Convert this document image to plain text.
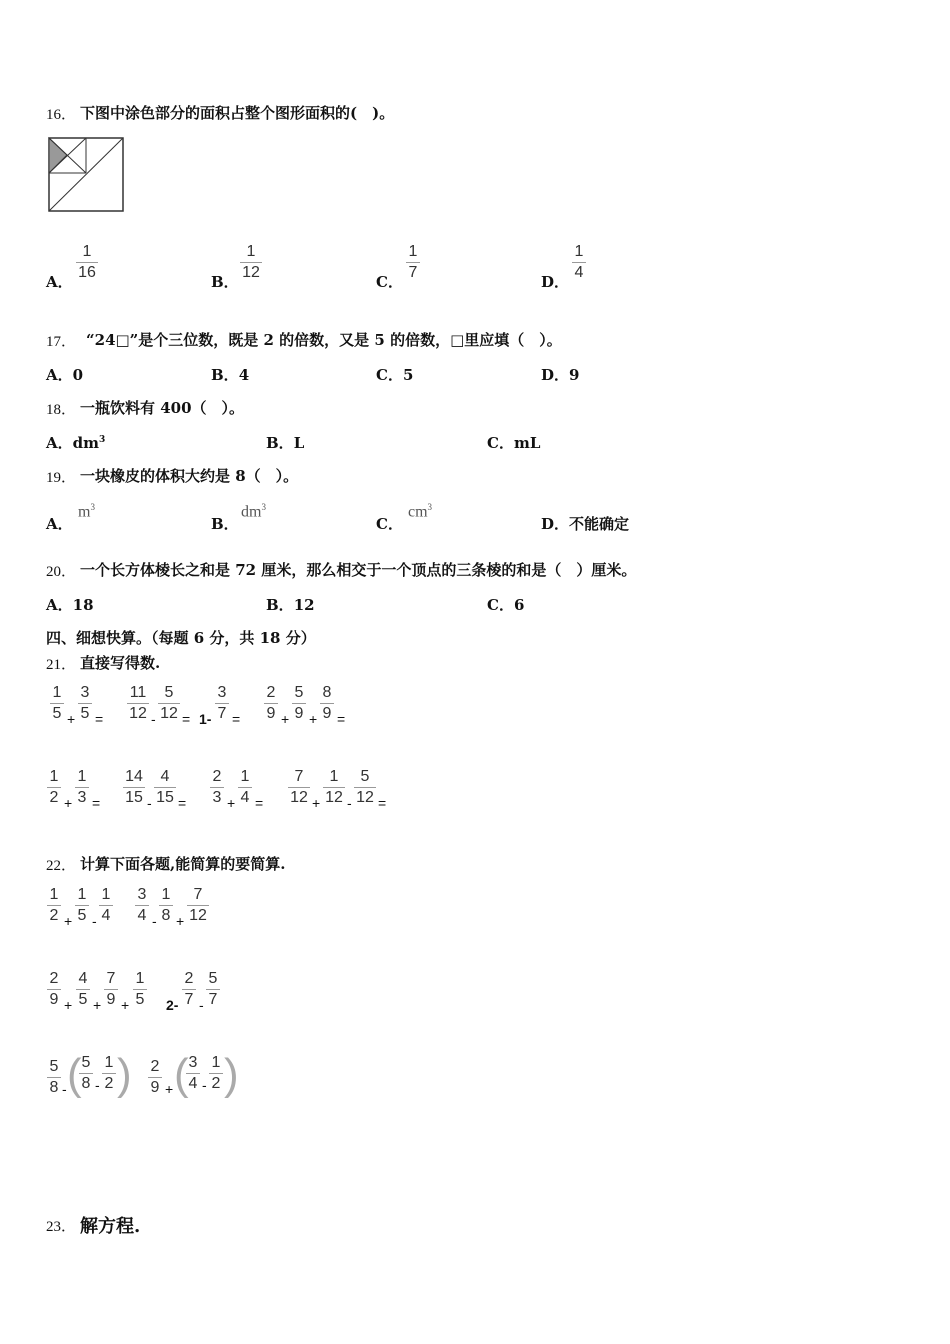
16． 下图中涂色部分的面积占整个图形面积的(　)。
A．
1
16
B．
1
12
C．
1
7
D．
1
4
17． “24□”是个三位数，既是 2 的倍数，又是 5 的倍数，□里应填（　）。
A．0	B．4	C．5	D．9
18． 一瓶饮料有 400（　）。
A．$dm^3$	B．L	C．mL
19． 一块橡皮的体积大约是 8（　）。
A．
$m^3$
B．
$dm^3$
C．
$cm^3$
D．不能确定
20． 一个长方体棱长之和是 72 厘米，那么相交于一个顶点的三条棱的和是（　）厘米。
A．18	B．12	C．6
四、细想快算。（每题 6 分，共 18 分）
21． 直接写得数.
1
5 +
3
5 =
11
12 -
5
12 = 1-
3
7 =
2
9 +
5
9 +
8
9 =
1
2 +
1
3 =
14
15 -
4
15 =
2
3 +
1
4 =
7
12 +
1
12 -
5
12 =
22． 计算下面各题,能简算的要简算.
1
2 +
1
5 -
1
4
3
4 -
1
8 +
7
12
2
9 +
4
5 +
7
9 +
1
5 2-
2
7 -
5
7
5
8 - ( 5
8 -
1
2 ) 2
9 + ( 3
4 -
1
2 )
23． 解方程.
